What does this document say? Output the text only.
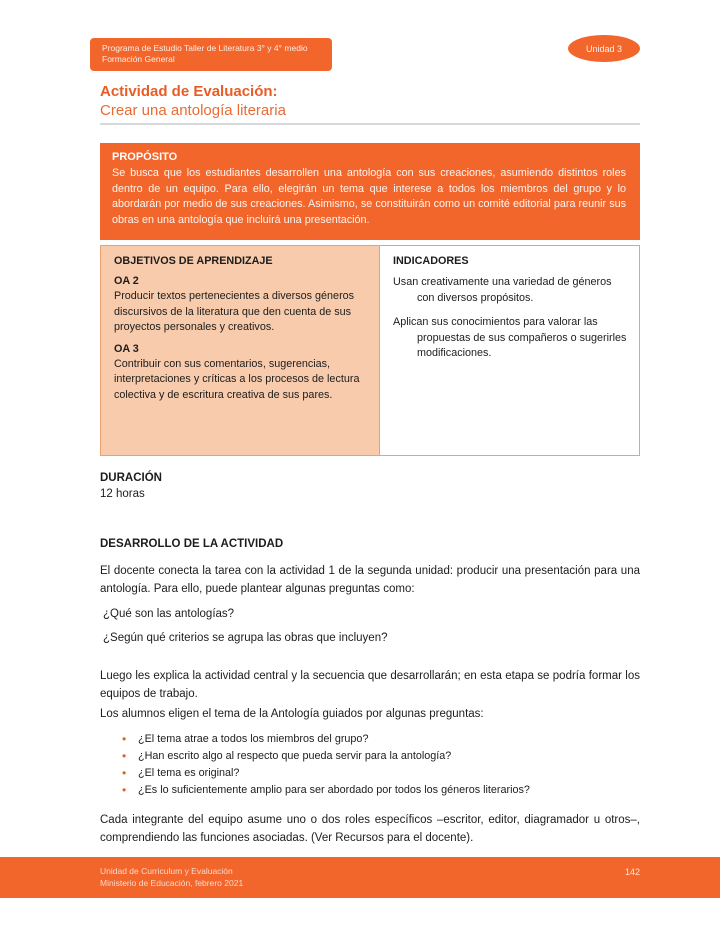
Programa de Estudio Taller de Literatura 3° y 4° medio
Formación General
Unidad 3
Actividad de Evaluación:
Crear una antología literaria
PROPÓSITO
Se busca que los estudiantes desarrollen una antología con sus creaciones, asumiendo distintos roles dentro de un equipo. Para ello, elegirán un tema que interese a todos los miembros del grupo y lo abordarán por medio de sus creaciones. Asimismo, se constituirán como un comité editorial para reunir sus obras en una antología que incluirá una presentación.
OBJETIVOS DE APRENDIZAJE
OA 2
Producir textos pertenecientes a diversos géneros discursivos de la literatura que den cuenta de sus proyectos personales y creativos.
OA 3
Contribuir con sus comentarios, sugerencias, interpretaciones y críticas a los procesos de lectura colectiva y de escritura creativa de sus pares.
INDICADORES
Usan creativamente una variedad de géneros con diversos propósitos.
Aplican sus conocimientos para valorar las propuestas de sus compañeros o sugerirles modificaciones.
DURACIÓN
12 horas
DESARROLLO DE LA ACTIVIDAD
El docente conecta la tarea con la actividad 1 de la segunda unidad: producir una presentación para una antología. Para ello, puede plantear algunas preguntas como:
¿Qué son las antologías?
¿Según qué criterios se agrupa las obras que incluyen?
Luego les explica la actividad central y la secuencia que desarrollarán; en esta etapa se podría formar los equipos de trabajo.
Los alumnos eligen el tema de la Antología guiados por algunas preguntas:
• ¿El tema atrae a todos los miembros del grupo?
• ¿Han escrito algo al respecto que pueda servir para la antología?
• ¿El tema es original?
• ¿Es lo suficientemente amplio para ser abordado por todos los géneros literarios?
Cada integrante del equipo asume uno o dos roles específicos –escritor, editor, diagramador u otros–, comprendiendo las funciones asociadas. (Ver Recursos para el docente).
Unidad de Curriculum y Evaluación
Ministerio de Educación, febrero 2021
142
